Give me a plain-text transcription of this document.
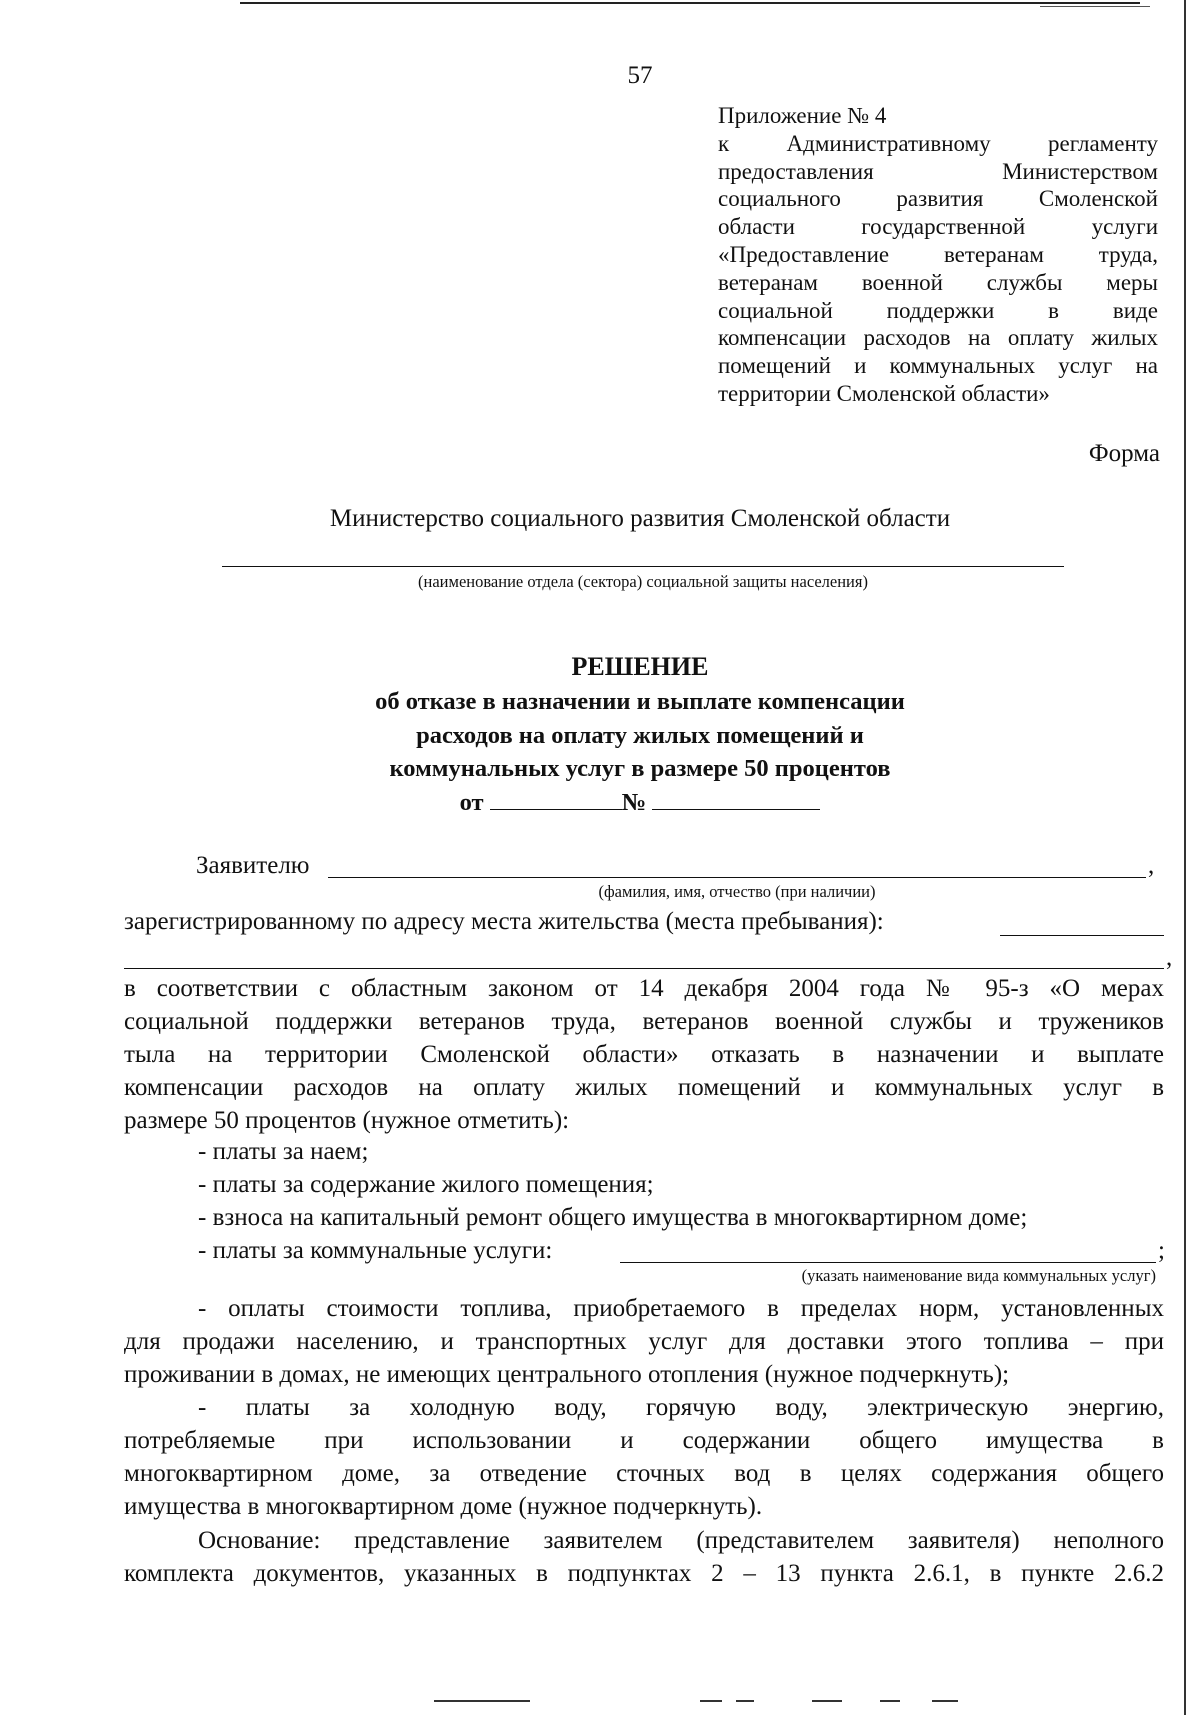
57
Приложение № 4
к Административному регламенту
предоставления Министерством
социального развития Смоленской
области государственной услуги
«Предоставление ветеранам труда,
ветеранам военной службы меры
социальной поддержки в виде
компенсации расходов на оплату жилых
помещений и коммунальных услуг на
территории Смоленской области»
Форма
Министерство социального развития Смоленской области
(наименование отдела (сектора) социальной защиты населения)
РЕШЕНИЕ
об отказе в назначении и выплате компенсации
расходов на оплату жилых помещений и
коммунальных услуг в размере 50 процентов
от	№
Заявителю	,
(фамилия, имя, отчество (при наличии)
зарегистрированному по адресу места жительства (места пребывания):
,
в соответствии с областным законом от 14 декабря 2004 года № 95-з «О мерах
социальной поддержки ветеранов труда, ветеранов военной службы и тружеников
тыла на территории Смоленской области» отказать в назначении и выплате
компенсации расходов на оплату жилых помещений и коммунальных услуг в
размере 50 процентов (нужное отметить):
- платы за наем;
- платы за содержание жилого помещения;
- взноса на капитальный ремонт общего имущества в многоквартирном доме;
- платы за коммунальные услуги:	;
(указать наименование вида коммунальных услуг)
- оплаты стоимости топлива, приобретаемого в пределах норм, установленных
для продажи населению, и транспортных услуг для доставки этого топлива – при
проживании в домах, не имеющих центрального отопления (нужное подчеркнуть);
- платы за холодную воду, горячую воду, электрическую энергию,
потребляемые при использовании и содержании общего имущества в
многоквартирном доме, за отведение сточных вод в целях содержания общего
имущества в многоквартирном доме (нужное подчеркнуть).
Основание: представление заявителем (представителем заявителя) неполного
комплекта документов, указанных в подпунктах 2 – 13 пункта 2.6.1, в пункте 2.6.2
